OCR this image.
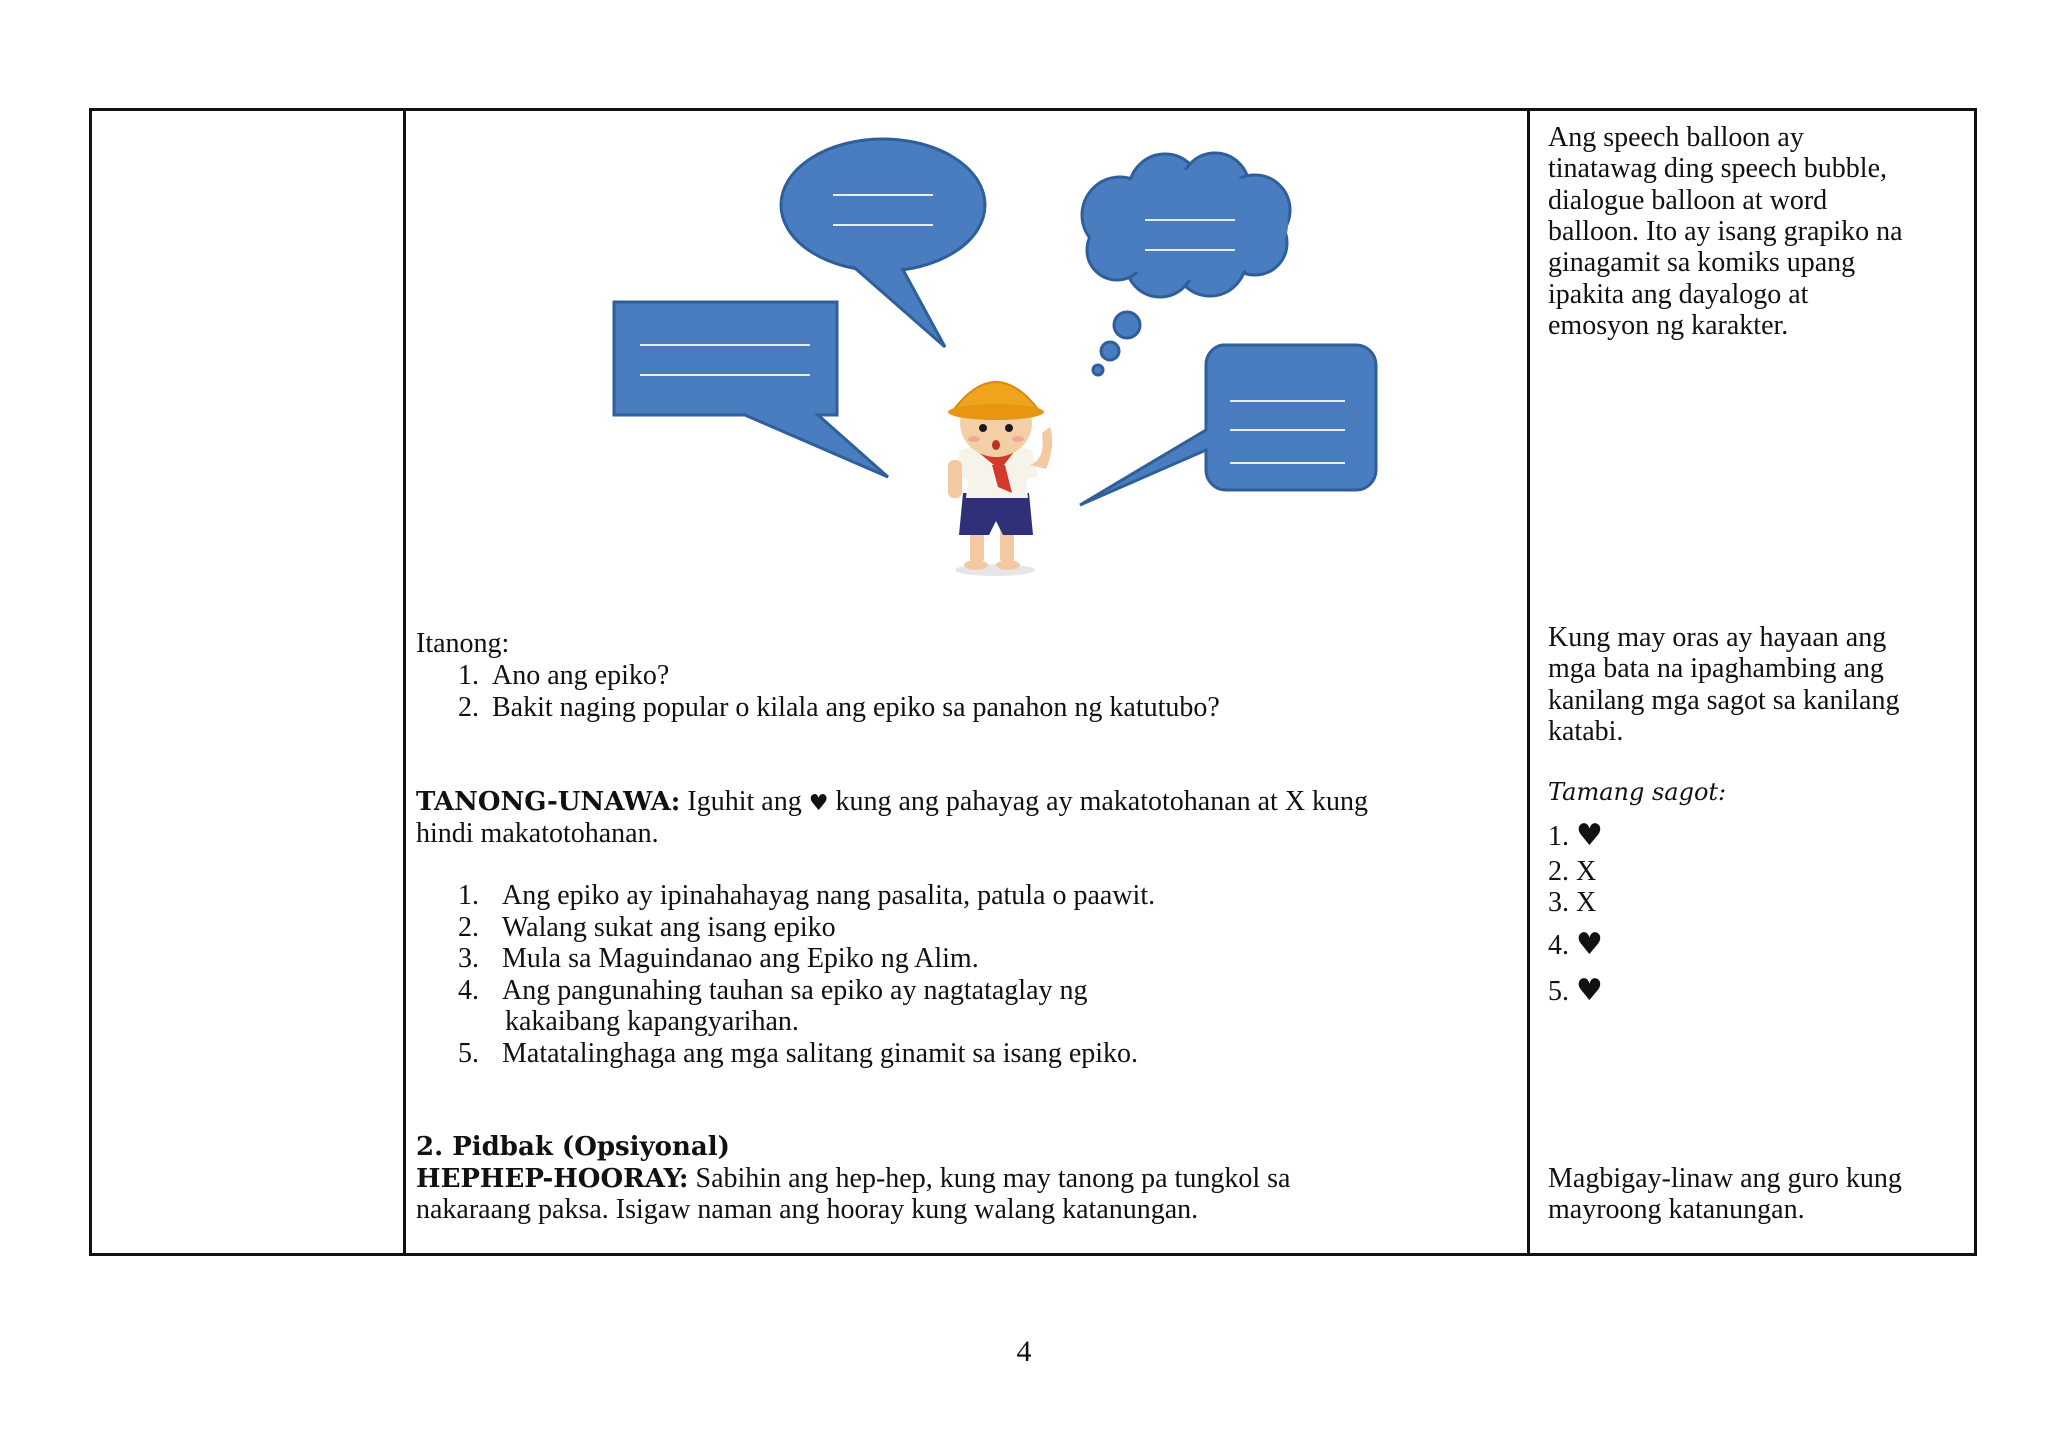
Itanong:
1. Ano ang epiko?
2. Bakit naging popular o kilala ang epiko sa panahon ng katutubo?
TANONG-UNAWA: Iguhit ang ♥ kung ang pahayag ay makatotohanan at X kung
hindi makatotohanan.
1. Ang epiko ay ipinahahayag nang pasalita, patula o paawit.
2. Walang sukat ang isang epiko
3. Mula sa Maguindanao ang Epiko ng Alim.
4. Ang pangunahing tauhan sa epiko ay nagtataglay ng
kakaibang kapangyarihan.
5. Matatalinghaga ang mga salitang ginamit sa isang epiko.
2. Pidbak (Opsiyonal)
HEPHEP-HOORAY: Sabihin ang hep-hep, kung may tanong pa tungkol sa
nakaraang paksa. Isigaw naman ang hooray kung walang katanungan.
Ang speech balloon ay
tinatawag ding speech bubble,
dialogue balloon at word
balloon. Ito ay isang grapiko na
ginagamit sa komiks upang
ipakita ang dayalogo at
emosyon ng karakter.
Kung may oras ay hayaan ang
mga bata na ipaghambing ang
kanilang mga sagot sa kanilang
katabi.
Tamang sagot:
1. ♥
2. X
3. X
4. ♥
5. ♥
Magbigay-linaw ang guro kung
mayroong katanungan.
4
